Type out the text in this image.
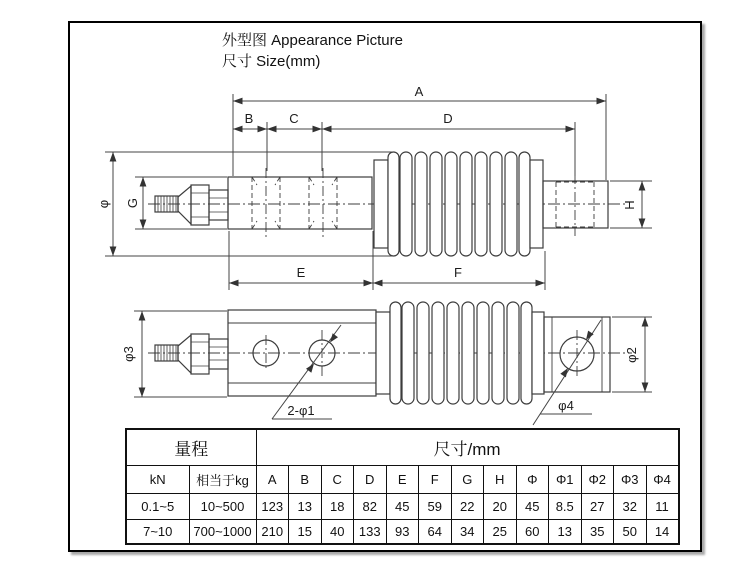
外型图 Appearance Picture
尺寸 Size(mm)
A
B	C	D
E	F
φ G	H
φ3	φ2
2-φ1	φ4
量程		尺寸/mm												
kN	相当于kg	A	B	C	D	E	F	G	H	Φ	Φ1	Φ2	Φ3	Φ4
0.1~5	10~500	123	13	18	82	45	59	22	20	45	8.5	27	32	11
7~10	700~1000	210	15	40	133	93	64	34	25	60	13	35	50	14
